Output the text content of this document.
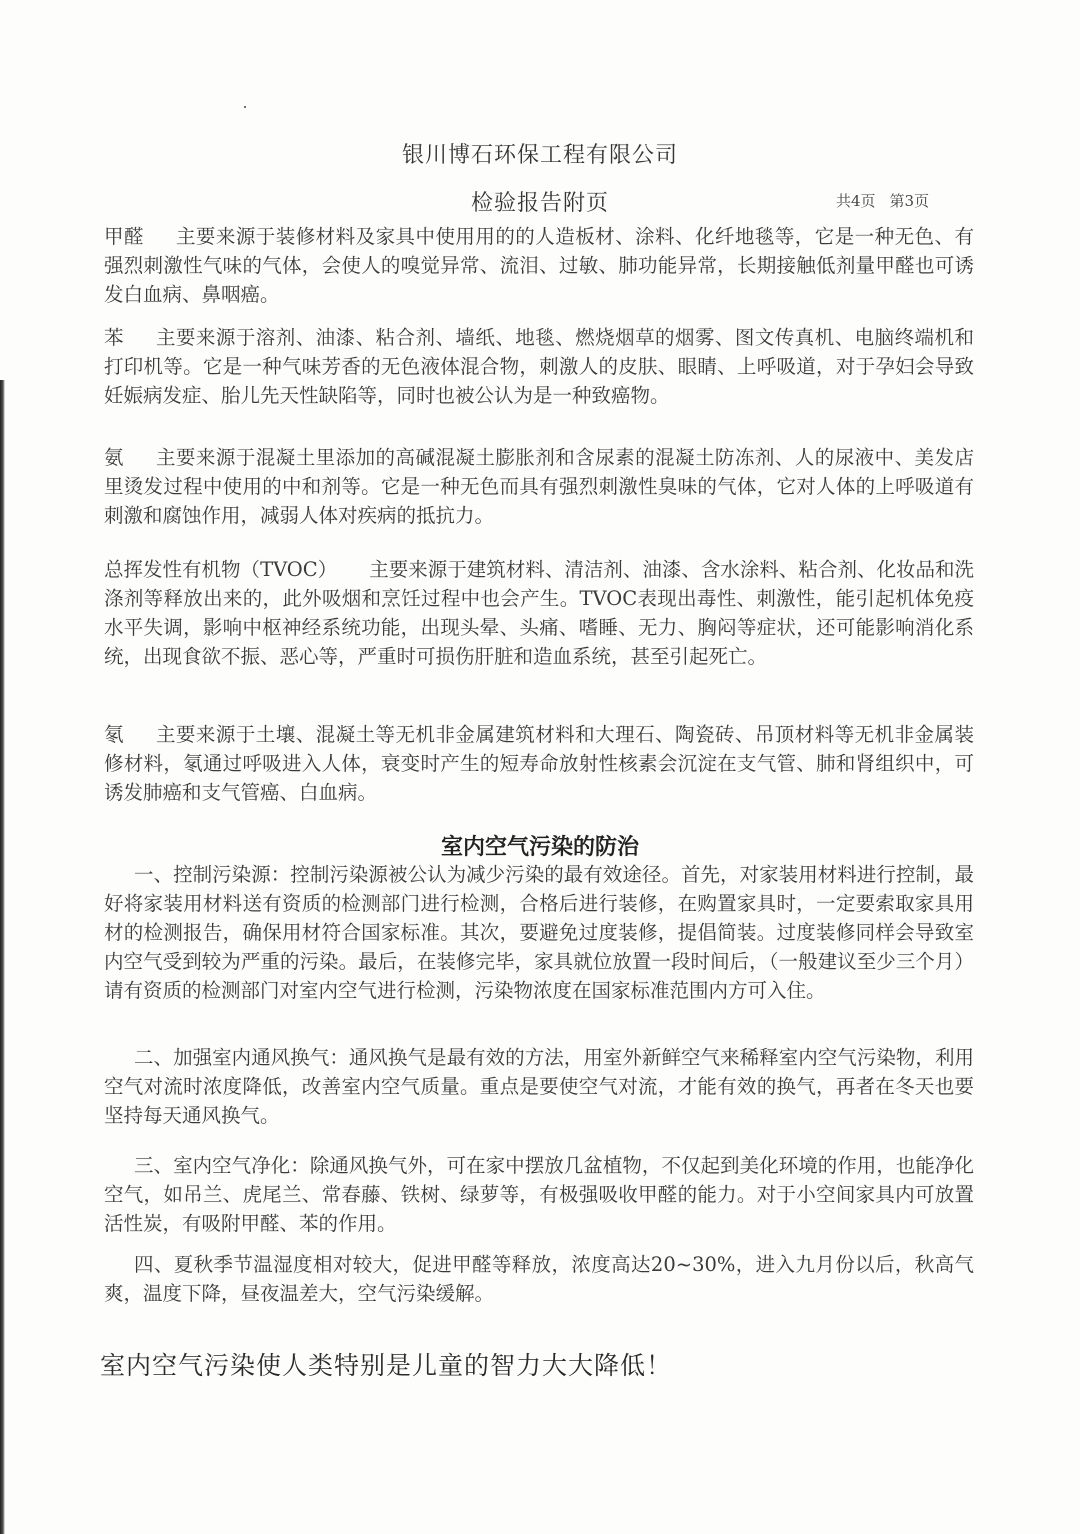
银川博石环保工程有限公司
检验报告附页	共4页 第3页

甲醛 主要来源于装修材料及家具中使用用的的人造板材、涂料、化纤地毯等，它是一种无色、有强烈刺激性气味的气体，会使人的嗅觉异常、流泪、过敏、肺功能异常，长期接触低剂量甲醛也可诱发白血病、鼻咽癌。

苯 主要来源于溶剂、油漆、粘合剂、墙纸、地毯、燃烧烟草的烟雾、图文传真机、电脑终端机和打印机等。它是一种气味芳香的无色液体混合物，刺激人的皮肤、眼睛、上呼吸道，对于孕妇会导致妊娠病发症、胎儿先天性缺陷等，同时也被公认为是一种致癌物。

氨 主要来源于混凝土里添加的高碱混凝土膨胀剂和含尿素的混凝土防冻剂、人的尿液中、美发店里烫发过程中使用的中和剂等。它是一种无色而具有强烈刺激性臭味的气体，它对人体的上呼吸道有刺激和腐蚀作用，减弱人体对疾病的抵抗力。

总挥发性有机物（TVOC） 主要来源于建筑材料、清洁剂、油漆、含水涂料、粘合剂、化妆品和洗涤剂等释放出来的，此外吸烟和烹饪过程中也会产生。TVOC表现出毒性、刺激性，能引起机体免疫水平失调，影响中枢神经系统功能，出现头晕、头痛、嗜睡、无力、胸闷等症状，还可能影响消化系统，出现食欲不振、恶心等，严重时可损伤肝脏和造血系统，甚至引起死亡。

氡 主要来源于土壤、混凝土等无机非金属建筑材料和大理石、陶瓷砖、吊顶材料等无机非金属装修材料，氡通过呼吸进入人体，衰变时产生的短寿命放射性核素会沉淀在支气管、肺和肾组织中，可诱发肺癌和支气管癌、白血病。

室内空气污染的防治

一、控制污染源：控制污染源被公认为减少污染的最有效途径。首先，对家装用材料进行控制，最好将家装用材料送有资质的检测部门进行检测，合格后进行装修，在购置家具时，一定要索取家具用材的检测报告，确保用材符合国家标准。其次，要避免过度装修，提倡简装。过度装修同样会导致室内空气受到较为严重的污染。最后，在装修完毕，家具就位放置一段时间后，（一般建议至少三个月）请有资质的检测部门对室内空气进行检测，污染物浓度在国家标准范围内方可入住。

二、加强室内通风换气：通风换气是最有效的方法，用室外新鲜空气来稀释室内空气污染物，利用空气对流时浓度降低，改善室内空气质量。重点是要使空气对流，才能有效的换气，再者在冬天也要坚持每天通风换气。

三、室内空气净化：除通风换气外，可在家中摆放几盆植物，不仅起到美化环境的作用，也能净化空气，如吊兰、虎尾兰、常春藤、铁树、绿萝等，有极强吸收甲醛的能力。对于小空间家具内可放置活性炭，有吸附甲醛、苯的作用。

四、夏秋季节温湿度相对较大，促进甲醛等释放，浓度高达20~30%，进入九月份以后，秋高气爽，温度下降，昼夜温差大，空气污染缓解。

室内空气污染使人类特别是儿童的智力大大降低！
